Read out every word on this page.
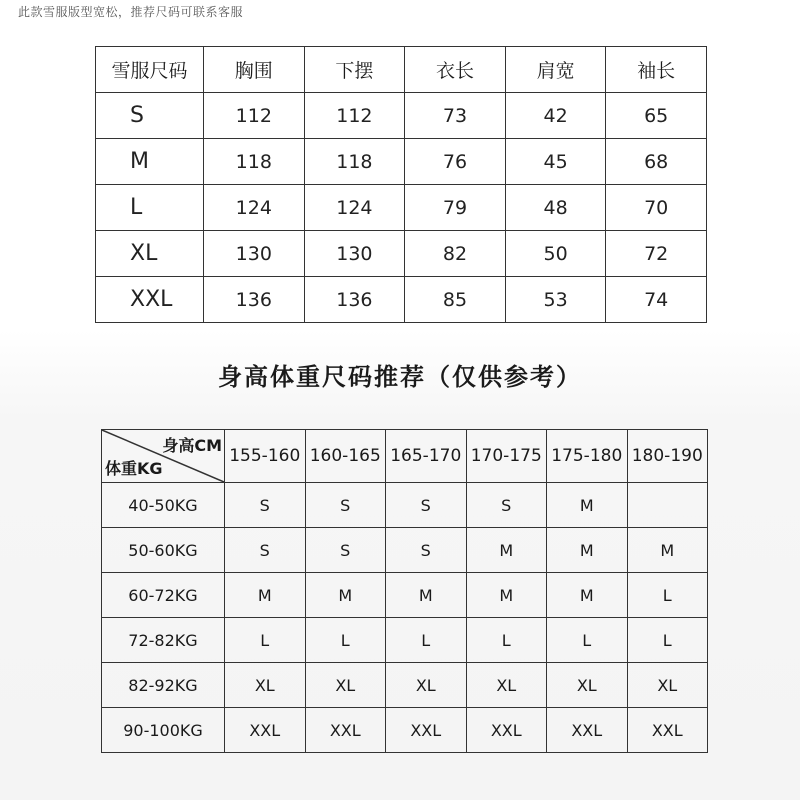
此款雪服版型宽松，推荐尺码可联系客服
雪服尺码	胸围	下摆	衣长	肩宽	袖长
S	112	112	73	42	65
M	118	118	76	45	68
L	124	124	79	48	70
XL	130	130	82	50	72
XXL	136	136	85	53	74
身高体重尺码推荐（仅供参考）
身高CM
体重KG	155-160	160-165	165-170	170-175	175-180	180-190
40-50KG	S	S	S	S	M	
50-60KG	S	S	S	M	M	M
60-72KG	M	M	M	M	M	L
72-82KG	L	L	L	L	L	L
82-92KG	XL	XL	XL	XL	XL	XL
90-100KG	XXL	XXL	XXL	XXL	XXL	XXL
